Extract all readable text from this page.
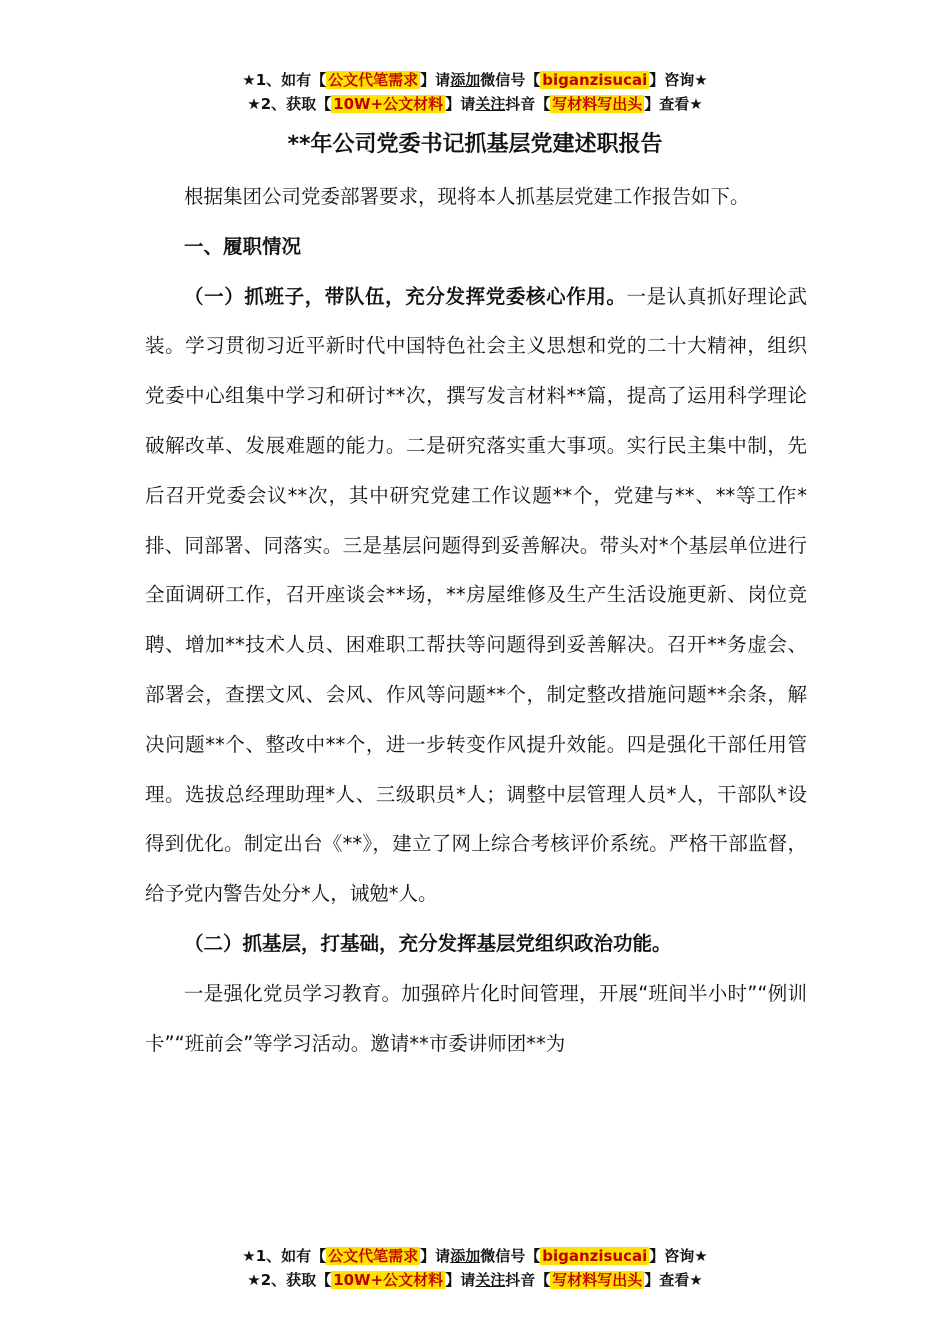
★1、如有【 公文代笔需求 】请添加微信号【 biganzisucai 】咨询★
★2、获取【 10W+公文材料 】请关注抖音【 写材料写出头 】查看★
**年公司党委书记抓基层党建述职报告

根据集团公司党委部署要求，现将本人抓基层党建工作报告如下。

一、履职情况

（一）抓班子，带队伍，充分发挥党委核心作用。一是认真抓好理论武装。学习贯彻习近平新时代中国特色社会主义思想和党的二十大精神，组织党委中心组集中学习和研讨**次，撰写发言材料**篇，提高了运用科学理论破解改革、发展难题的能力。二是研究落实重大事项。实行民主集中制，先后召开党委会议**次，其中研究党建工作议题**个，党建与**、**等工作*排、同部署、同落实。三是基层问题得到妥善解决。带头对*个基层单位进行全面调研工作，召开座谈会**场，**房屋维修及生产生活设施更新、岗位竞聘、增加**技术人员、困难职工帮扶等问题得到妥善解决。召开**务虚会、部署会，查摆文风、会风、作风等问题**个，制定整改措施问题**余条，解决问题**个、整改中**个，进一步转变作风提升效能。四是强化干部任用管理。选拔总经理助理*人、三级职员*人；调整中层管理人员*人，干部队*设得到优化。制定出台《**》，建立了网上综合考核评价系统。严格干部监督，给予党内警告处分*人，诫勉*人。

（二）抓基层，打基础，充分发挥基层党组织政治功能。

一是强化党员学习教育。加强碎片化时间管理，开展“班间半小时”“例训卡”“班前会”等学习活动。邀请**市委讲师团**为

★1、如有【 公文代笔需求 】请添加微信号【 biganzisucai 】咨询★
★2、获取【 10W+公文材料 】请关注抖音【 写材料写出头 】查看★
